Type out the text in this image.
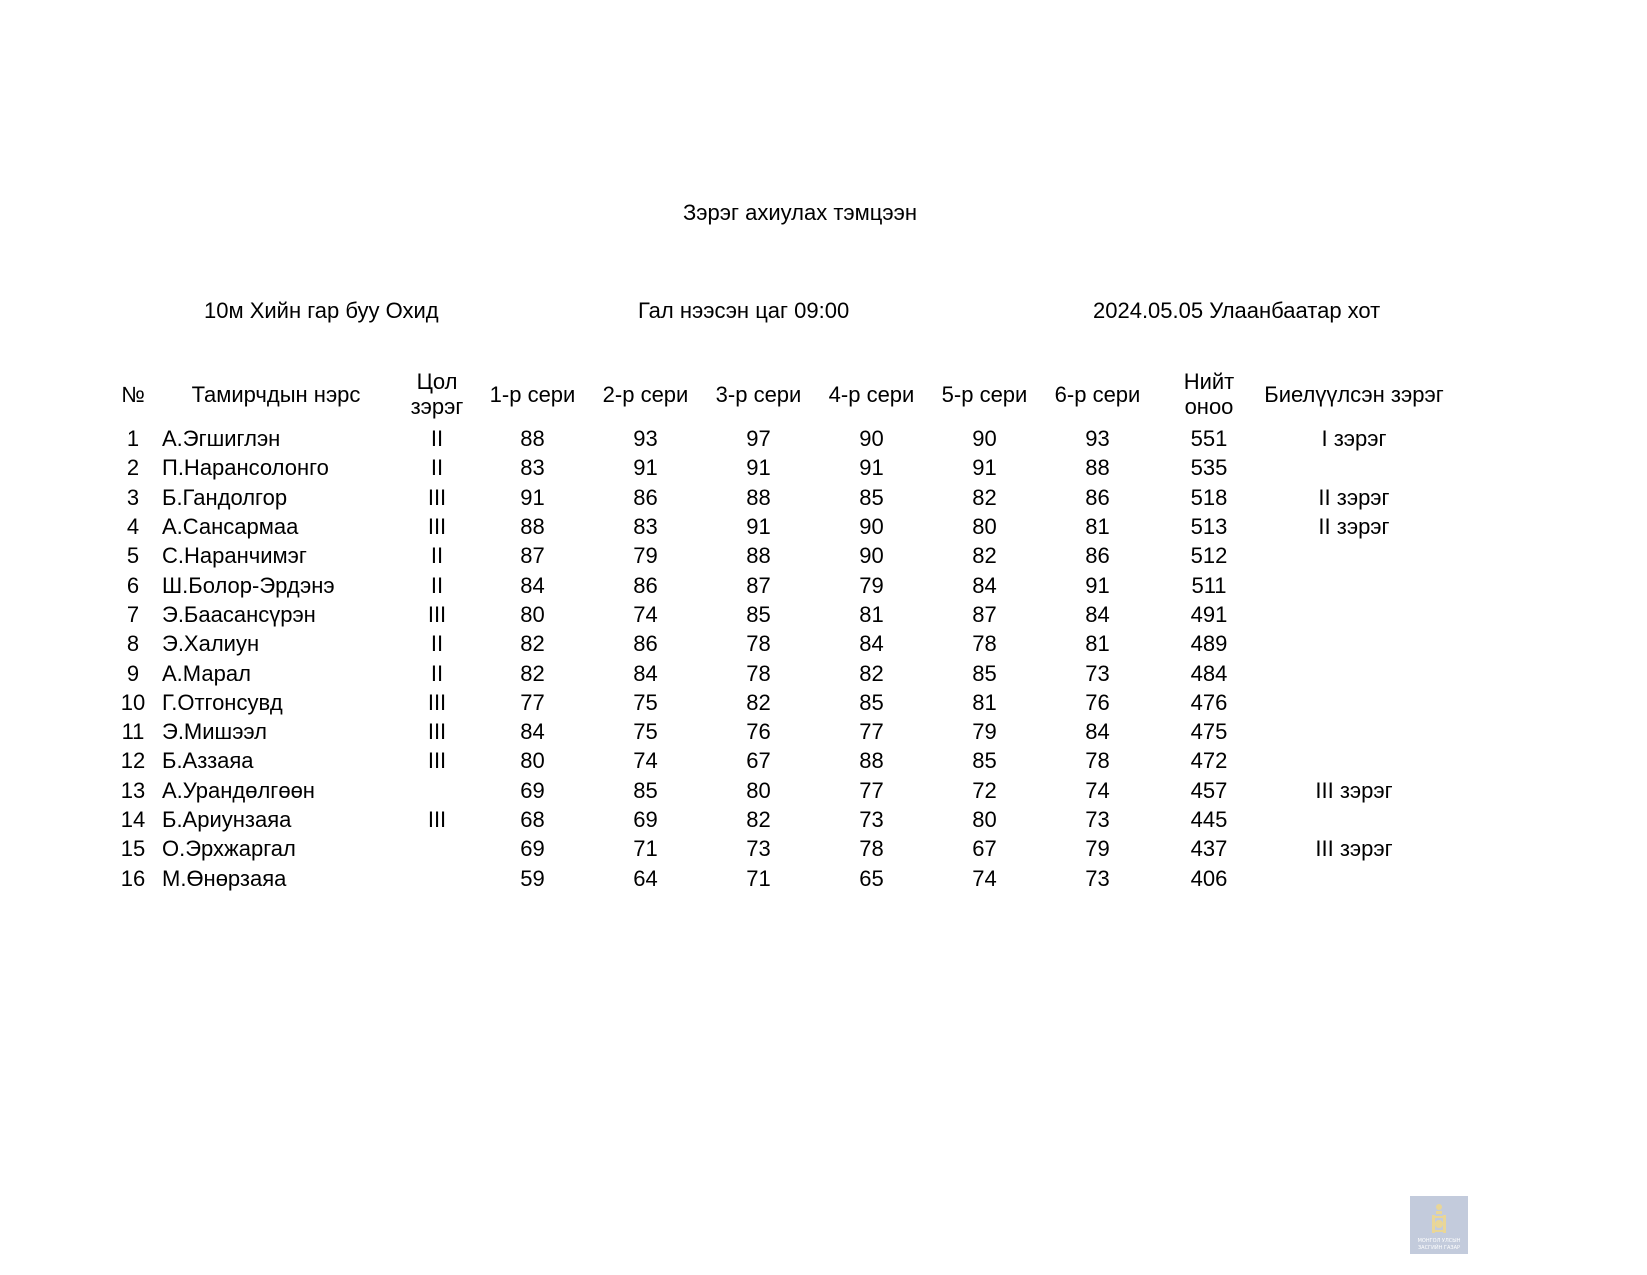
Зэрэг ахиулах тэмцээн
10м Хийн гар буу Охид	Гал нээсэн цаг 09:00	2024.05.05 Улаанбаатар хот
№	Тамирчдын нэрс	Цол зэрэг	1-р сери	2-р сери	3-р сери	4-р сери	5-р сери	6-р сери	Нийт оноо	Биелүүлсэн зэрэг
1	А.Эгшиглэн	II	88	93	97	90	90	93	551	I зэрэг
2	П.Нарансолонго	II	83	91	91	91	91	88	535	
3	Б.Гандолгор	III	91	86	88	85	82	86	518	II зэрэг
4	А.Сансармаа	III	88	83	91	90	80	81	513	II зэрэг
5	С.Наранчимэг	II	87	79	88	90	82	86	512	
6	Ш.Болор-Эрдэнэ	II	84	86	87	79	84	91	511	
7	Э.Баасансүрэн	III	80	74	85	81	87	84	491	
8	Э.Халиун	II	82	86	78	84	78	81	489	
9	А.Марал	II	82	84	78	82	85	73	484	
10	Г.Отгонсувд	III	77	75	82	85	81	76	476	
11	Э.Мишээл	III	84	75	76	77	79	84	475	
12	Б.Аззаяа	III	80	74	67	88	85	78	472	
13	А.Урандөлгөөн		69	85	80	77	72	74	457	III зэрэг
14	Б.Ариунзаяа	III	68	69	82	73	80	73	445	
15	О.Эрхжаргал		69	71	73	78	67	79	437	III зэрэг
16	М.Өнөрзаяа		59	64	71	65	74	73	406	
МОНГОЛ УЛСЫН
ЗАСГИЙН ГАЗАР
